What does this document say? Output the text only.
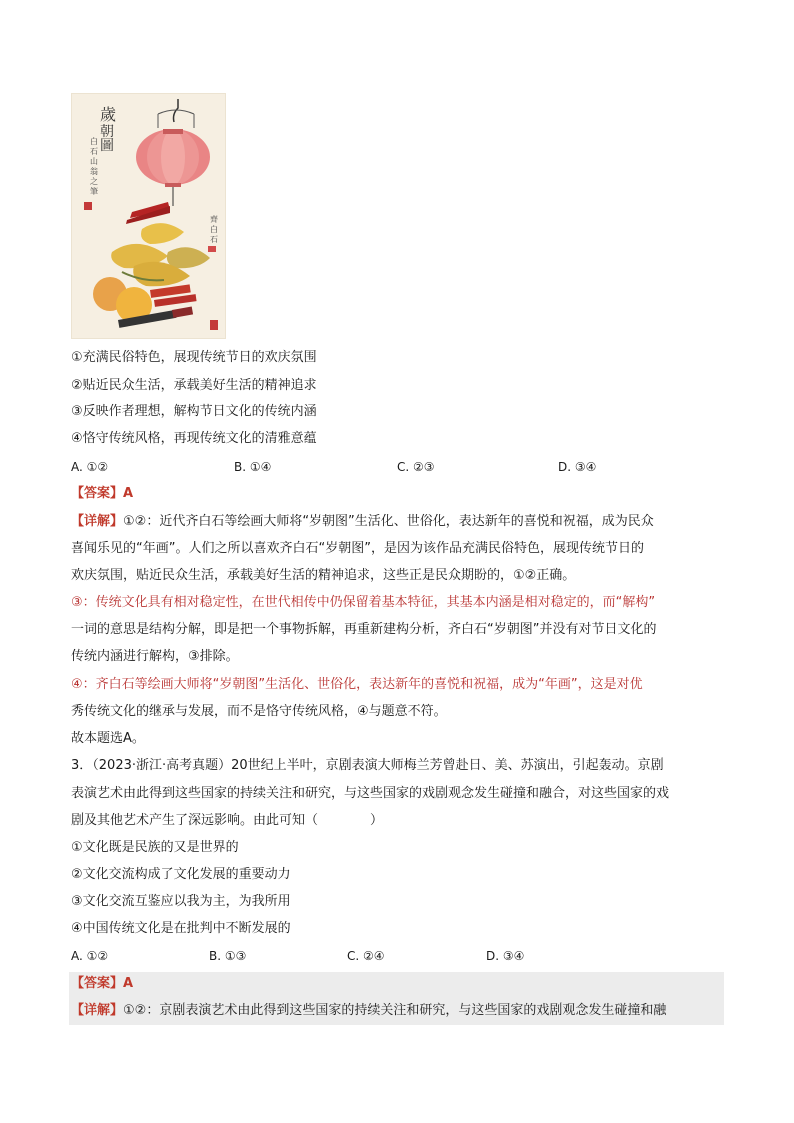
歲
朝
圖
白石山 翁之筆
齊白石
①充满民俗特色，展现传统节日的欢庆氛围
②贴近民众生活，承载美好生活的精神追求
③反映作者理想，解构节日文化的传统内涵
④恪守传统风格，再现传统文化的清雅意蕴
A. ①②	B. ①④	C. ②③	D. ③④
【答案】A
【详解】①②：近代齐白石等绘画大师将“岁朝图”生活化、世俗化，表达新年的喜悦和祝福，成为民众
喜闻乐见的“年画”。人们之所以喜欢齐白石“岁朝图”，是因为该作品充满民俗特色，展现传统节日的
欢庆氛围，贴近民众生活，承载美好生活的精神追求，这些正是民众期盼的，①②正确。
③：传统文化具有相对稳定性，在世代相传中仍保留着基本特征，其基本内涵是相对稳定的，而“解构”
一词的意思是结构分解，即是把一个事物拆解，再重新建构分析，齐白石“岁朝图”并没有对节日文化的
传统内涵进行解构，③排除。
④：齐白石等绘画大师将“岁朝图”生活化、世俗化，表达新年的喜悦和祝福，成为“年画”，这是对优
秀传统文化的继承与发展，而不是恪守传统风格，④与题意不符。
故本题选A。
3．（2023·浙江·高考真题）20世纪上半叶，京剧表演大师梅兰芳曾赴日、美、苏演出，引起轰动。京剧
表演艺术由此得到这些国家的持续关注和研究，与这些国家的戏剧观念发生碰撞和融合，对这些国家的戏
剧及其他艺术产生了深远影响。由此可知（	）
①文化既是民族的又是世界的
②文化交流构成了文化发展的重要动力
③文化交流互鉴应以我为主，为我所用
④中国传统文化是在批判中不断发展的
A. ①②	B. ①③	C. ②④	D. ③④
【答案】A
【详解】①②：京剧表演艺术由此得到这些国家的持续关注和研究，与这些国家的戏剧观念发生碰撞和融
